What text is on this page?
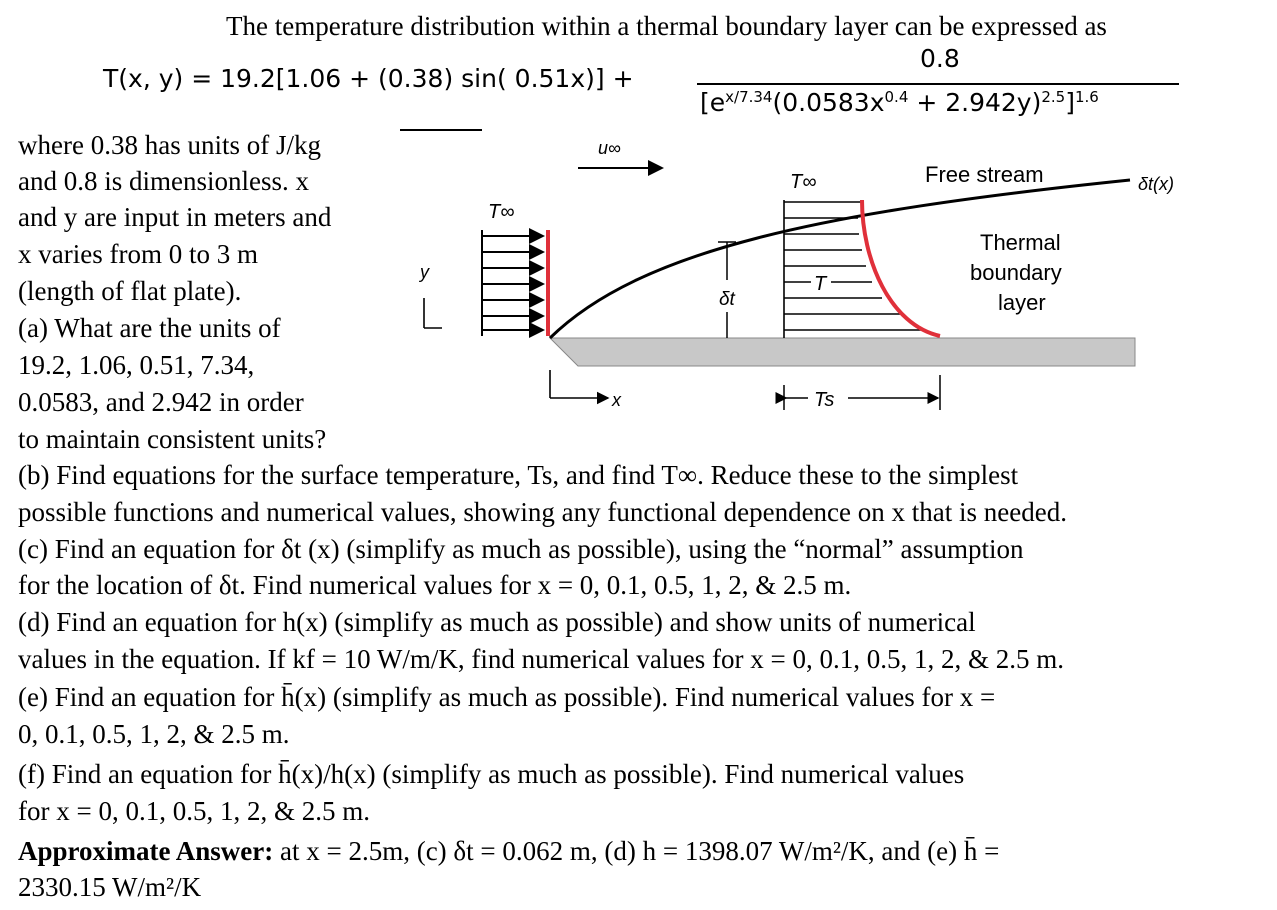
The temperature distribution within a thermal boundary layer can be expressed as
T(x, y) = 19.2[1.06 + (0.38) sin( 0.51x)] +
0.8
$[e^{x/7.34}(0.0583x^{0.4} + 2.942y)^{2.5}]^{1.6}$
where 0.38 has units of J/kg
and 0.8 is dimensionless. x
and y are input in meters and
x varies from 0 to 3 m
(length of flat plate).
(a) What are the units of
19.2, 1.06, 0.51, 7.34,
0.0583, and 2.942 in order
to maintain consistent units?
u∞
T∞
Free stream	δt(x)
T∞
T
δt
Thermal
boundary
layer
Ts
y
x
(b) Find equations for the surface temperature, Ts, and find T∞. Reduce these to the simplest
possible functions and numerical values, showing any functional dependence on x that is needed.
(c) Find an equation for δt (x) (simplify as much as possible), using the “normal” assumption
for the location of δt. Find numerical values for x = 0, 0.1, 0.5, 1, 2, & 2.5 m.
(d) Find an equation for h(x) (simplify as much as possible) and show units of numerical
values in the equation. If kf = 10 W/m/K, find numerical values for x = 0, 0.1, 0.5, 1, 2, & 2.5 m.
(e) Find an equation for h̄(x) (simplify as much as possible). Find numerical values for x =
0, 0.1, 0.5, 1, 2, & 2.5 m.
(f) Find an equation for h̄(x)/h(x) (simplify as much as possible). Find numerical values
for x = 0, 0.1, 0.5, 1, 2, & 2.5 m.
Approximate Answer: at x = 2.5m, (c) δt = 0.062 m, (d) h = 1398.07 W/m²/K, and (e) h̄ =
2330.15 W/m²/K
